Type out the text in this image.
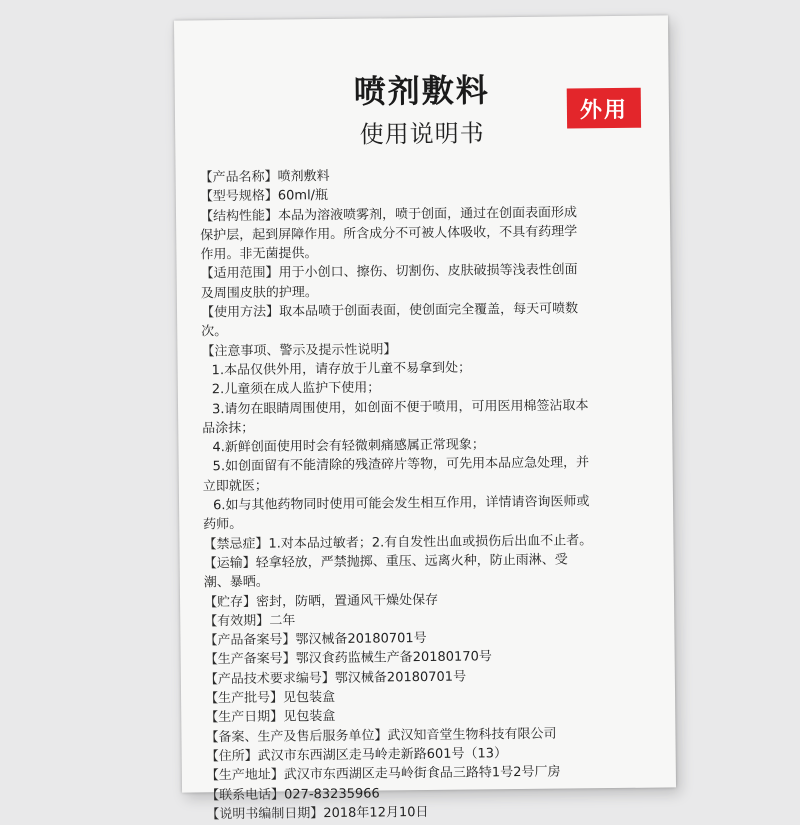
喷剂敷料
使用说明书
外用
【产品名称】喷剂敷料
【型号规格】60ml/瓶
【结构性能】本品为溶液喷雾剂，喷于创面，通过在创面表面形成
保护层，起到屏障作用。所含成分不可被人体吸收，不具有药理学
作用。非无菌提供。
【适用范围】用于小创口、擦伤、切割伤、皮肤破损等浅表性创面
及周围皮肤的护理。
【使用方法】取本品喷于创面表面，使创面完全覆盖，每天可喷数
次。
【注意事项、警示及提示性说明】
1.本品仅供外用，请存放于儿童不易拿到处；
2.儿童须在成人监护下使用；
3.请勿在眼睛周围使用，如创面不便于喷用，可用医用棉签沾取本
品涂抹；
4.新鲜创面使用时会有轻微刺痛感属正常现象；
5.如创面留有不能清除的残渣碎片等物，可先用本品应急处理，并
立即就医；
6.如与其他药物同时使用可能会发生相互作用，详情请咨询医师或
药师。
【禁忌症】1.对本品过敏者；2.有自发性出血或损伤后出血不止者。
【运输】轻拿轻放，严禁抛掷、重压、远离火种，防止雨淋、受
潮、暴晒。
【贮存】密封，防晒，置通风干燥处保存
【有效期】二年
【产品备案号】鄂汉械备20180701号
【生产备案号】鄂汉食药监械生产备20180170号
【产品技术要求编号】鄂汉械备20180701号
【生产批号】见包装盒
【生产日期】见包装盒
【备案、生产及售后服务单位】武汉知音堂生物科技有限公司
【住所】武汉市东西湖区走马岭走新路601号（13）
【生产地址】武汉市东西湖区走马岭街食品三路特1号2号厂房
【联系电话】027-83235966
【说明书编制日期】2018年12月10日
